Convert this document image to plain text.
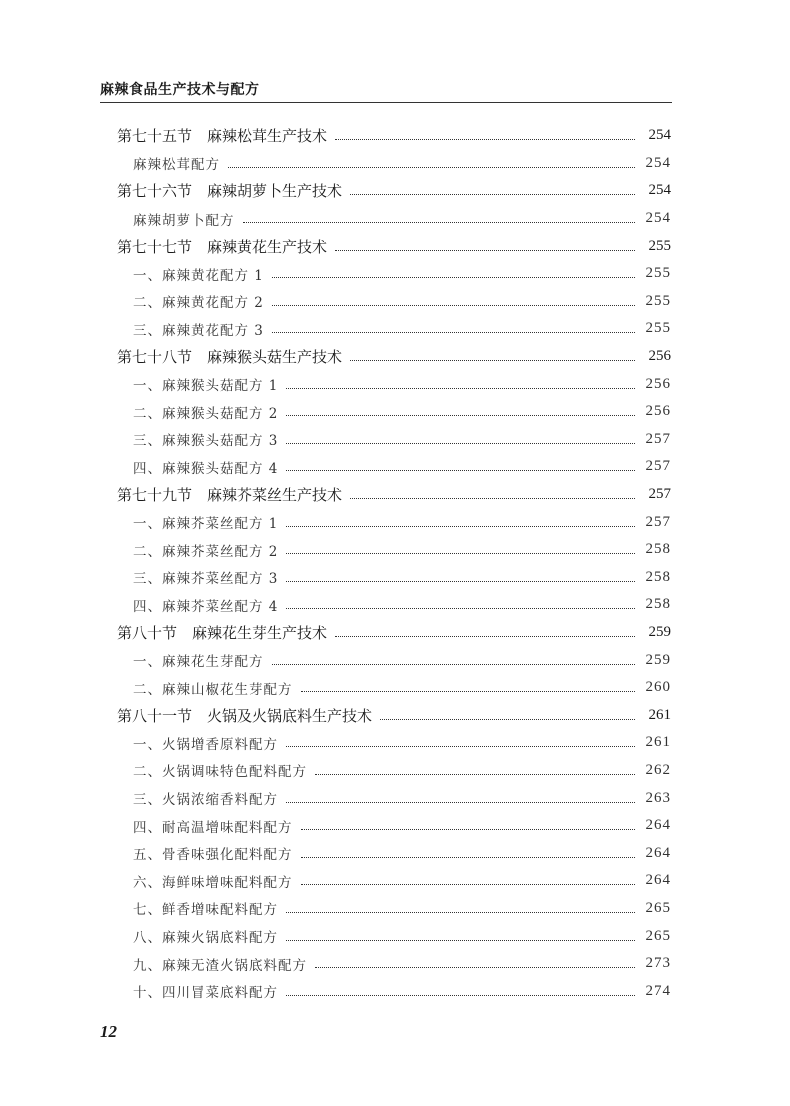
麻辣食品生产技术与配方
第七十五节　麻辣松茸生产技术	254
麻辣松茸配方	254
第七十六节　麻辣胡萝卜生产技术	254
麻辣胡萝卜配方	254
第七十七节　麻辣黄花生产技术	255
一、麻辣黄花配方 1	255
二、麻辣黄花配方 2	255
三、麻辣黄花配方 3	255
第七十八节　麻辣猴头菇生产技术	256
一、麻辣猴头菇配方 1	256
二、麻辣猴头菇配方 2	256
三、麻辣猴头菇配方 3	257
四、麻辣猴头菇配方 4	257
第七十九节　麻辣芥菜丝生产技术	257
一、麻辣芥菜丝配方 1	257
二、麻辣芥菜丝配方 2	258
三、麻辣芥菜丝配方 3	258
四、麻辣芥菜丝配方 4	258
第八十节　麻辣花生芽生产技术	259
一、麻辣花生芽配方	259
二、麻辣山椒花生芽配方	260
第八十一节　火锅及火锅底料生产技术	261
一、火锅增香原料配方	261
二、火锅调味特色配料配方	262
三、火锅浓缩香料配方	263
四、耐高温增味配料配方	264
五、骨香味强化配料配方	264
六、海鲜味增味配料配方	264
七、鲜香增味配料配方	265
八、麻辣火锅底料配方	265
九、麻辣无渣火锅底料配方	273
十、四川冒菜底料配方	274
12
